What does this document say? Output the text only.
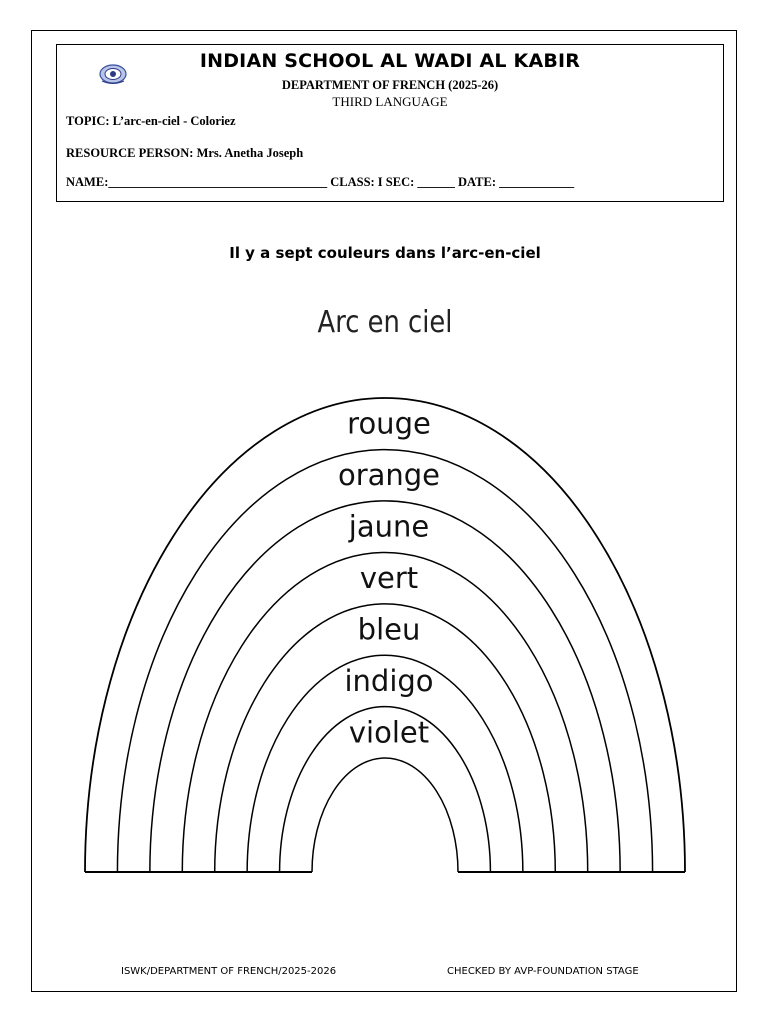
INDIAN SCHOOL AL WADI AL KABIR
DEPARTMENT OF FRENCH (2025-26)
THIRD LANGUAGE
TOPIC: L’arc-en-ciel - Coloriez
RESOURCE PERSON: Mrs. Anetha Joseph
NAME:___________________________________ CLASS: I SEC: ______ DATE: ____________
Il y a sept couleurs dans l’arc-en-ciel
Arc en ciel
rouge
orange
jaune
vert
bleu
indigo
violet
ISWK/DEPARTMENT OF FRENCH/2025-2026	CHECKED BY AVP-FOUNDATION STAGE
